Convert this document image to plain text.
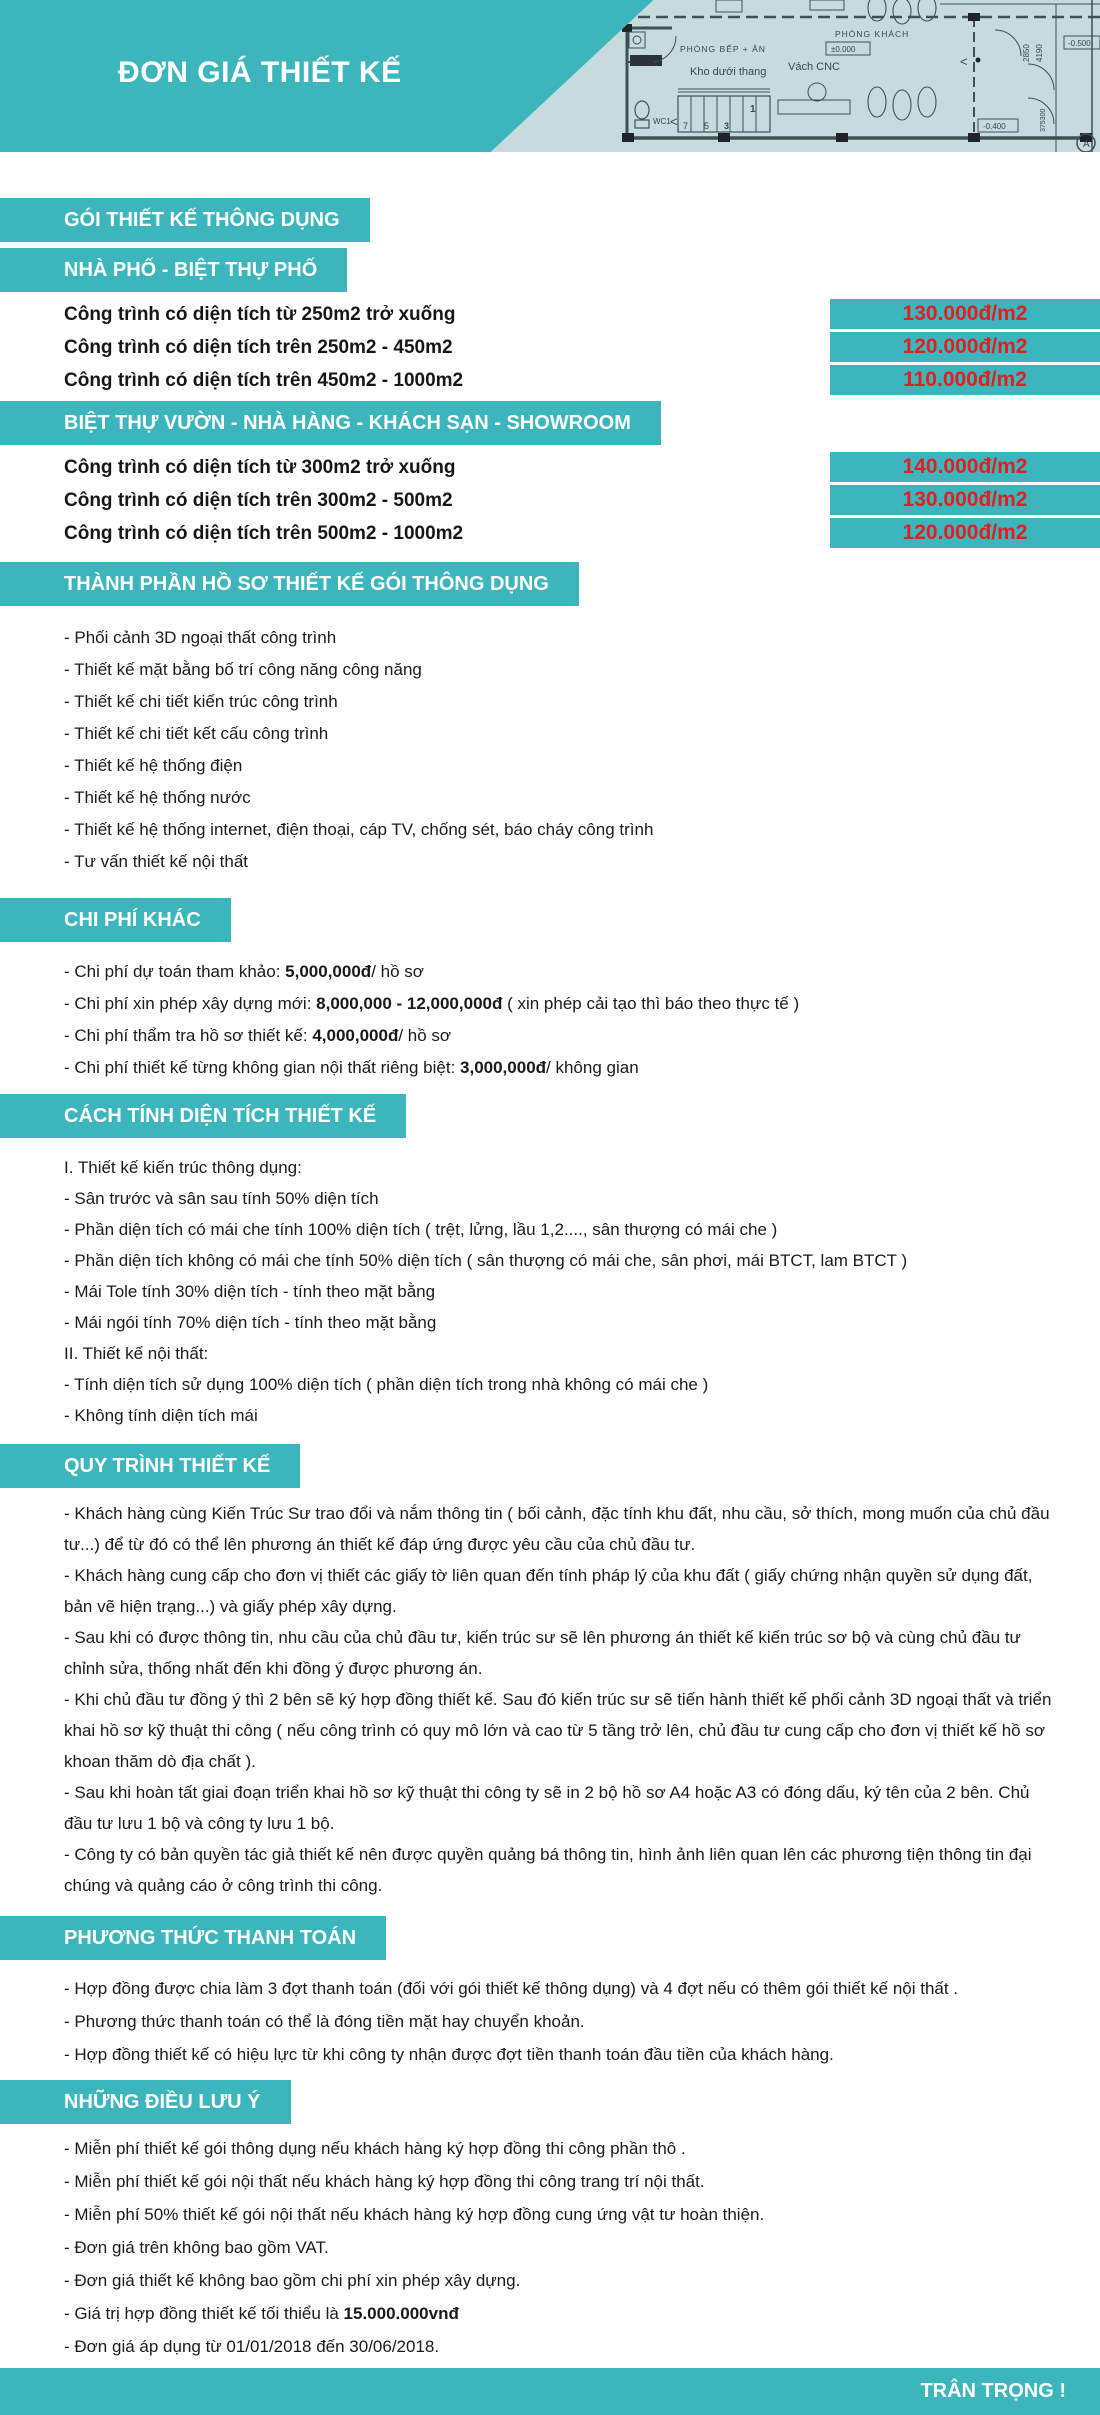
PHÒNG BẾP + ĂN
PHÒNG KHÁCH
±0.000
Kho dưới thang Vách CNC
WC1 <
<
7 5 3
1
-0.400
-0.500
2850 4190
375300
A
ĐƠN GIÁ THIẾT KẾ
GÓI THIẾT KẾ THÔNG DỤNG
NHÀ PHỐ - BIỆT THỰ PHỐ
Công trình có diện tích từ 250m2 trở xuống	130.000đ/m2
Công trình có diện tích trên 250m2 - 450m2	120.000đ/m2
Công trình có diện tích trên 450m2 - 1000m2	110.000đ/m2
BIỆT THỰ VƯỜN - NHÀ HÀNG - KHÁCH SẠN - SHOWROOM
Công trình có diện tích từ 300m2 trở xuống	140.000đ/m2
Công trình có diện tích trên 300m2 - 500m2	130.000đ/m2
Công trình có diện tích trên 500m2 - 1000m2	120.000đ/m2
THÀNH PHẦN HỒ SƠ THIẾT KẾ GÓI THÔNG DỤNG
- Phối cảnh 3D ngoại thất công trình
- Thiết kế mặt bằng bố trí công năng công năng
- Thiết kế chi tiết kiến trúc công trình
- Thiết kế chi tiết kết cấu công trình
- Thiết kế hệ thống điện
- Thiết kế hệ thống nước
- Thiết kế hệ thống internet, điện thoại, cáp TV, chống sét, báo cháy công trình
- Tư vấn thiết kế nội thất
CHI PHÍ KHÁC
- Chi phí dự toán tham khảo: 5,000,000đ/ hồ sơ
- Chi phí xin phép xây dựng mới: 8,000,000 - 12,000,000đ ( xin phép cải tạo thì báo theo thực tế )
- Chi phí thẩm tra hồ sơ thiết kế: 4,000,000đ/ hồ sơ
- Chi phí thiết kế từng không gian nội thất riêng biệt: 3,000,000đ/ không gian
CÁCH TÍNH DIỆN TÍCH THIẾT KẾ
I. Thiết kế kiến trúc thông dụng:
- Sân trước và sân sau tính 50% diện tích
- Phần diện tích có mái che tính 100% diện tích ( trệt, lửng, lầu 1,2...., sân thượng có mái che )
- Phần diện tích không có mái che tính 50% diện tích ( sân thượng có mái che, sân phơi, mái BTCT, lam BTCT )
- Mái Tole tính 30% diện tích - tính theo mặt bằng
- Mái ngói tính 70% diện tích - tính theo mặt bằng
II. Thiết kế nội thất:
- Tính diện tích sử dụng 100% diện tích ( phần diện tích trong nhà không có mái che )
- Không tính diện tích mái
QUY TRÌNH THIẾT KẾ
- Khách hàng cùng Kiến Trúc Sư trao đổi và nắm thông tin ( bối cảnh, đặc tính khu đất, nhu cầu, sở thích, mong muốn của chủ đầu tư...) để từ đó có thể lên phương án thiết kế đáp ứng được yêu cầu của chủ đầu tư.
- Khách hàng cung cấp cho đơn vị thiết các giấy tờ liên quan đến tính pháp lý của khu đất ( giấy chứng nhận quyền sử dụng đất, bản vẽ hiện trạng...) và giấy phép xây dựng.
- Sau khi có được thông tin, nhu cầu của chủ đầu tư, kiến trúc sư sẽ lên phương án thiết kế kiến trúc sơ bộ và cùng chủ đầu tư chỉnh sửa, thống nhất đến khi đồng ý được phương án.
- Khi chủ đầu tư đồng ý thì 2 bên sẽ ký hợp đồng thiết kế. Sau đó kiến trúc sư sẽ tiến hành thiết kế phối cảnh 3D ngoại thất và triển khai hồ sơ kỹ thuật thi công ( nếu công trình có quy mô lớn và cao từ 5 tầng trở lên, chủ đầu tư cung cấp cho đơn vị thiết kế hồ sơ khoan thăm dò địa chất ).
- Sau khi hoàn tất giai đoạn triển khai hồ sơ kỹ thuật thi công ty sẽ in 2 bộ hồ sơ A4 hoặc A3 có đóng dấu, ký tên của 2 bên. Chủ đầu tư lưu 1 bộ và công ty lưu 1 bộ.
- Công ty có bản quyền tác giả thiết kế nên được quyền quảng bá thông tin, hình ảnh liên quan lên các phương tiện thông tin đại chúng và quảng cáo ở công trình thi công.
PHƯƠNG THỨC THANH TOÁN
- Hợp đồng được chia làm 3 đợt thanh toán (đối với gói thiết kế thông dụng) và 4 đợt nếu có thêm gói thiết kế nội thất .
- Phương thức thanh toán có thể là đóng tiền mặt hay chuyển khoản.
- Hợp đồng thiết kế có hiệu lực từ khi công ty nhận được đợt tiền thanh toán đầu tiền của khách hàng.
NHỮNG ĐIỀU LƯU Ý
- Miễn phí thiết kế gói thông dụng nếu khách hàng ký hợp đồng thi công phần thô .
- Miễn phí thiết kế gói nội thất nếu khách hàng ký hợp đồng thi công trang trí nội thất.
- Miễn phí 50% thiết kế gói nội thất nếu khách hàng ký hợp đồng cung ứng vật tư hoàn thiện.
- Đơn giá trên không bao gồm VAT.
- Đơn giá thiết kế không bao gồm chi phí xin phép xây dựng.
- Giá trị hợp đồng thiết kế tối thiểu là 15.000.000vnđ
- Đơn giá áp dụng từ 01/01/2018 đến 30/06/2018.
TRÂN TRỌNG !
